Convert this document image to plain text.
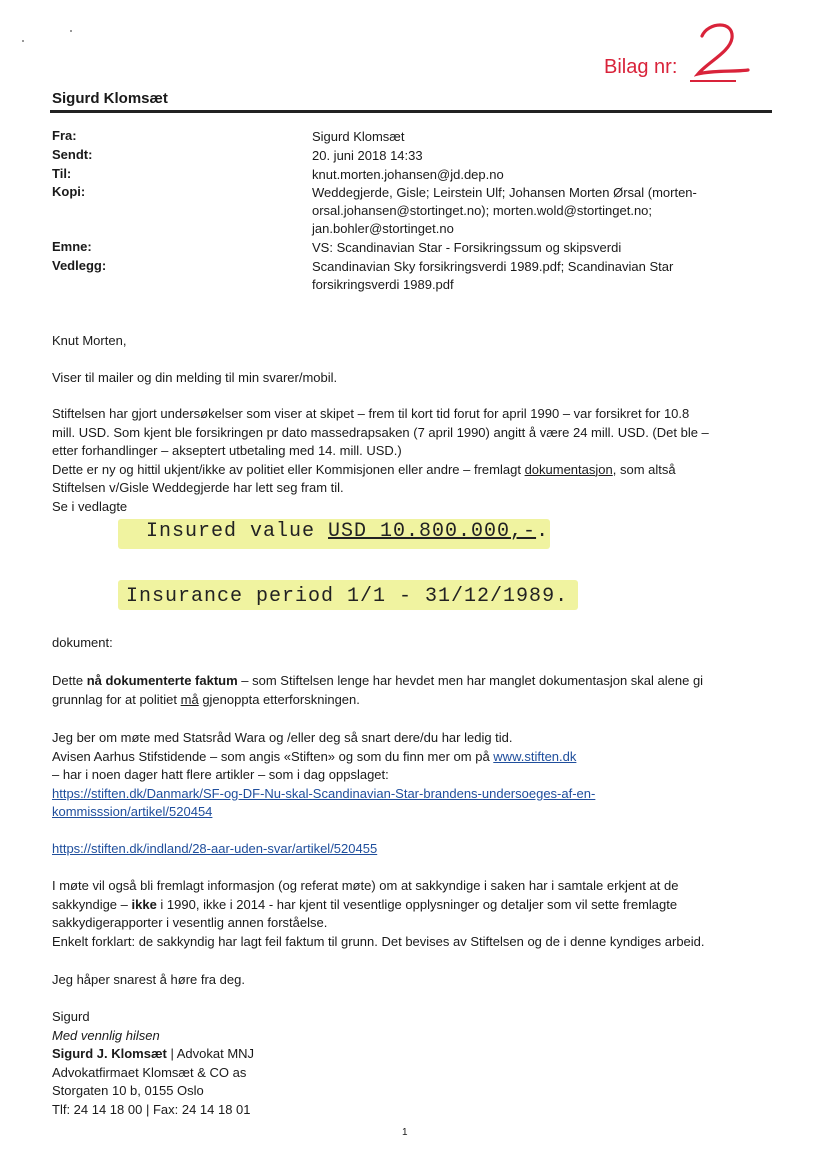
Bilag nr:
Sigurd Klomsæt
Fra:	Sigurd Klomsæt
Sendt:	20. juni 2018 14:33
Til:	knut.morten.johansen@jd.dep.no
Kopi:	Weddegjerde, Gisle; Leirstein Ulf; Johansen Morten Ørsal (morten-
orsal.johansen@stortinget.no); morten.wold@stortinget.no;
jan.bohler@stortinget.no
Emne:	VS: Scandinavian Star - Forsikringssum og skipsverdi
Vedlegg:	Scandinavian Sky forsikringsverdi 1989.pdf; Scandinavian Star
forsikringsverdi 1989.pdf
Knut Morten,
Viser til mailer og din melding til min svarer/mobil.
Stiftelsen har gjort undersøkelser som viser at skipet – frem til kort tid forut for april 1990 – var forsikret for 10.8
mill. USD. Som kjent ble forsikringen pr dato massedrapsaken (7 april 1990) angitt å være 24 mill. USD. (Det ble –
etter forhandlinger – akseptert utbetaling med 14. mill. USD.)
Dette er ny og hittil ukjent/ikke av politiet eller Kommisjonen eller andre – fremlagt dokumentasjon, som altså
Stiftelsen v/Gisle Weddegjerde har lett seg fram til.
Se i vedlagte
Insured value USD 10.800.000,-.
Insurance period 1/1 - 31/12/1989.
dokument:
Dette nå dokumenterte faktum – som Stiftelsen lenge har hevdet men har manglet dokumentasjon skal alene gi
grunnlag for at politiet må gjenoppta etterforskningen.
Jeg ber om møte med Statsråd Wara og /eller deg så snart dere/du har ledig tid.
Avisen Aarhus Stifstidende – som angis «Stiften» og som du finn mer om på www.stiften.dk
– har i noen dager hatt flere artikler – som i dag oppslaget:
https://stiften.dk/Danmark/SF-og-DF-Nu-skal-Scandinavian-Star-brandens-undersoeges-af-en-
kommisssion/artikel/520454
https://stiften.dk/indland/28-aar-uden-svar/artikel/520455
I møte vil også bli fremlagt informasjon (og referat møte) om at sakkyndige i saken har i samtale erkjent at de
sakkyndige – ikke i 1990, ikke i 2014 - har kjent til vesentlige opplysninger og detaljer som vil sette fremlagte
sakkydigerapporter i vesentlig annen forståelse.
Enkelt forklart: de sakkyndig har lagt feil faktum til grunn. Det bevises av Stiftelsen og de i denne kyndiges arbeid.
Jeg håper snarest å høre fra deg.
Sigurd
Med vennlig hilsen
Sigurd J. Klomsæt | Advokat MNJ
Advokatfirmaet Klomsæt & CO as
Storgaten 10 b, 0155 Oslo
Tlf: 24 14 18 00 | Fax: 24 14 18 01
1
